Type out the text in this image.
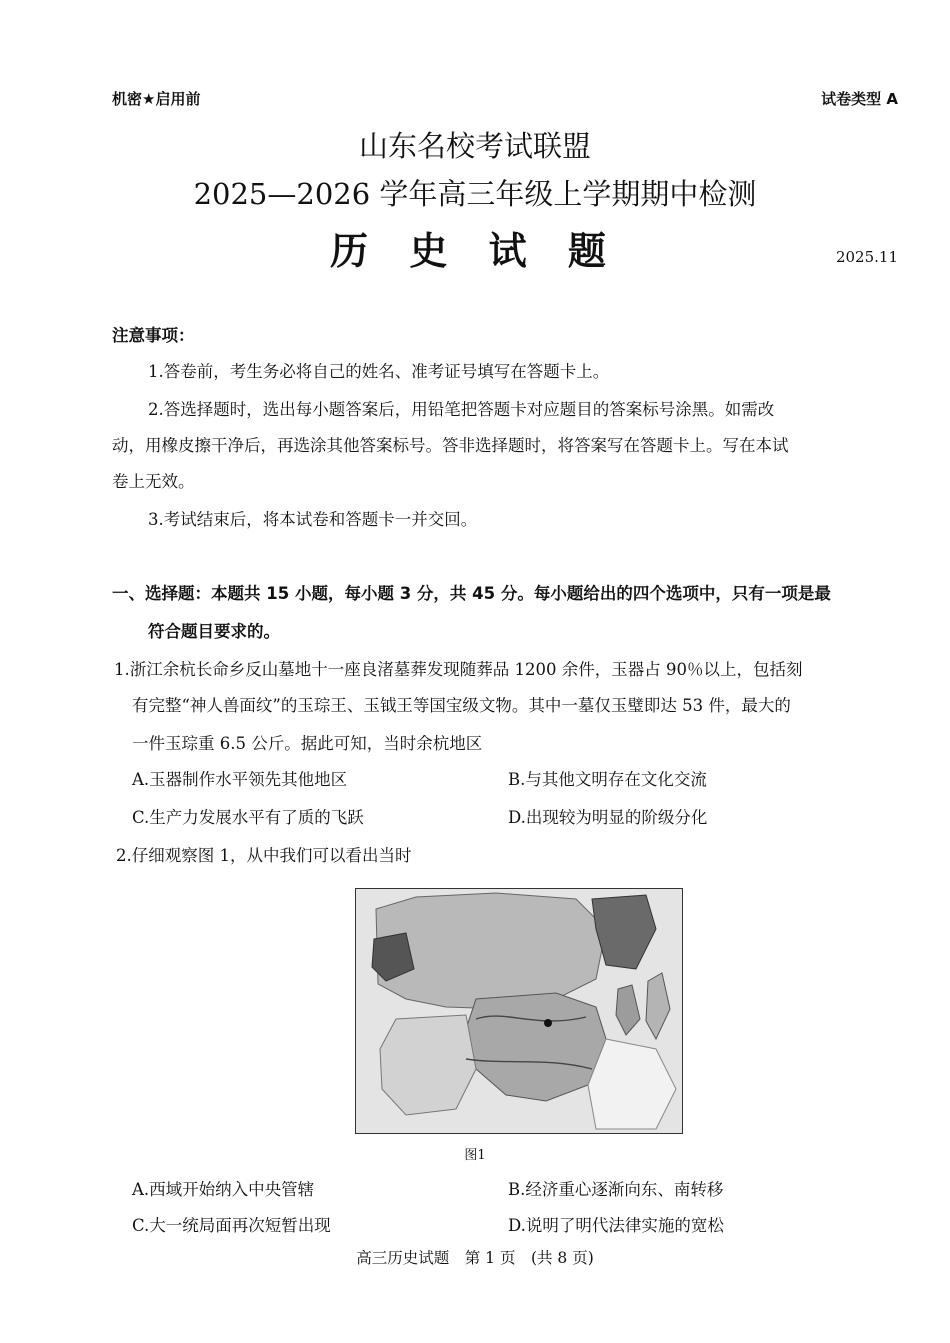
机密★启用前	试卷类型 A
山东名校考试联盟
2025—2026 学年高三年级上学期期中检测
历 史 试 题	2025.11
注意事项：
1.答卷前，考生务必将自己的姓名、准考证号填写在答题卡上。
2.答选择题时，选出每小题答案后，用铅笔把答题卡对应题目的答案标号涂黑。如需改
动，用橡皮擦干净后，再选涂其他答案标号。答非选择题时，将答案写在答题卡上。写在本试
卷上无效。
3.考试结束后，将本试卷和答题卡一并交回。
一、选择题：本题共 15 小题，每小题 3 分，共 45 分。每小题给出的四个选项中，只有一项是最
符合题目要求的。
1.浙江余杭长命乡反山墓地十一座良渚墓葬发现随葬品 1200 余件，玉器占 90％以上，包括刻
有完整“神人兽面纹”的玉琮王、玉钺王等国宝级文物。其中一墓仅玉璧即达 53 件，最大的
一件玉琮重 6.5 公斤。据此可知，当时余杭地区
A.玉器制作水平领先其他地区	B.与其他文明存在文化交流
C.生产力发展水平有了质的飞跃	D.出现较为明显的阶级分化
2.仔细观察图 1，从中我们可以看出当时
图1
A.西域开始纳入中央管辖	B.经济重心逐渐向东、南转移
C.大一统局面再次短暂出现	D.说明了明代法律实施的宽松
高三历史试题　第 1 页　(共 8 页)
